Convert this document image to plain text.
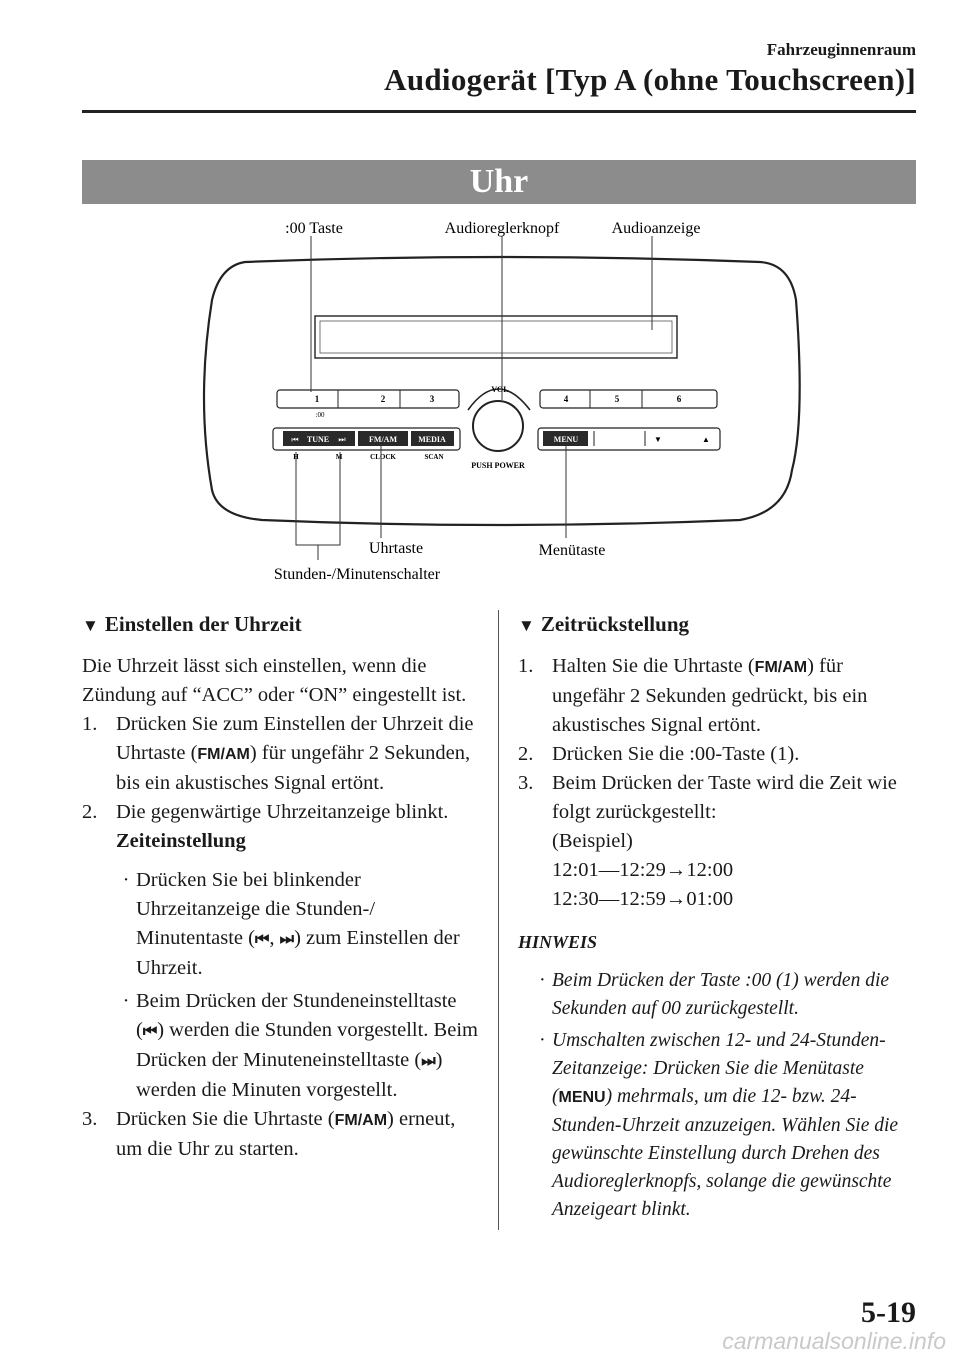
Fahrzeuginnenraum
Audiogerät [Typ A (ohne Touchscreen)]
Uhr
1	2	3
:00
4	5	6
⏮ TUNE ⏭	FM/AM	MEDIA
H	M	CLOCK	SCAN
MENU	▼	▲
VOL
PUSH POWER
:00 Taste	Audioreglerknopf	Audioanzeige
Uhrtaste	Menütaste
Stunden-/Minutenschalter
▼ Einstellen der Uhrzeit

Die Uhrzeit lässt sich einstellen, wenn die Zündung auf “ACC” oder “ON” eingestellt ist.

1. Drücken Sie zum Einstellen der Uhrzeit die Uhrtaste (FM/AM) für ungefähr 2 Sekunden, bis ein akustisches Signal ertönt.
2. Die gegenwärtige Uhrzeitanzeige blinkt.

Zeiteinstellung

· Drücken Sie bei blinkender Uhrzeitanzeige die Stunden-/ Minutentaste (⏮, ⏭) zum Einstellen der Uhrzeit.
· Beim Drücken der Stundeneinstelltaste (⏮) werden die Stunden vorgestellt. Beim Drücken der Minuteneinstelltaste (⏭) werden die Minuten vorgestellt.
3. Drücken Sie die Uhrtaste (FM/AM) erneut, um die Uhr zu starten.
▼ Zeitrückstellung
1. Halten Sie die Uhrtaste (FM/AM) für ungefähr 2 Sekunden gedrückt, bis ein akustisches Signal ertönt.
2. Drücken Sie die :00-Taste (1).
3. Beim Drücken der Taste wird die Zeit wie folgt zurückgestellt:

(Beispiel)

12:01—12:29→12:00

12:30—12:59→01:00

HINWEIS
· Beim Drücken der Taste :00 (1) werden die Sekunden auf 00 zurückgestellt.
· Umschalten zwischen 12- und 24-Stunden-Zeitanzeige: Drücken Sie die Menütaste (MENU) mehrmals, um die 12- bzw. 24-Stunden-Uhrzeit anzuzeigen. Wählen Sie die gewünschte Einstellung durch Drehen des Audioreglerknopfs, solange die gewünschte Anzeigeart blinkt.
5-19
carmanualsonline.info
